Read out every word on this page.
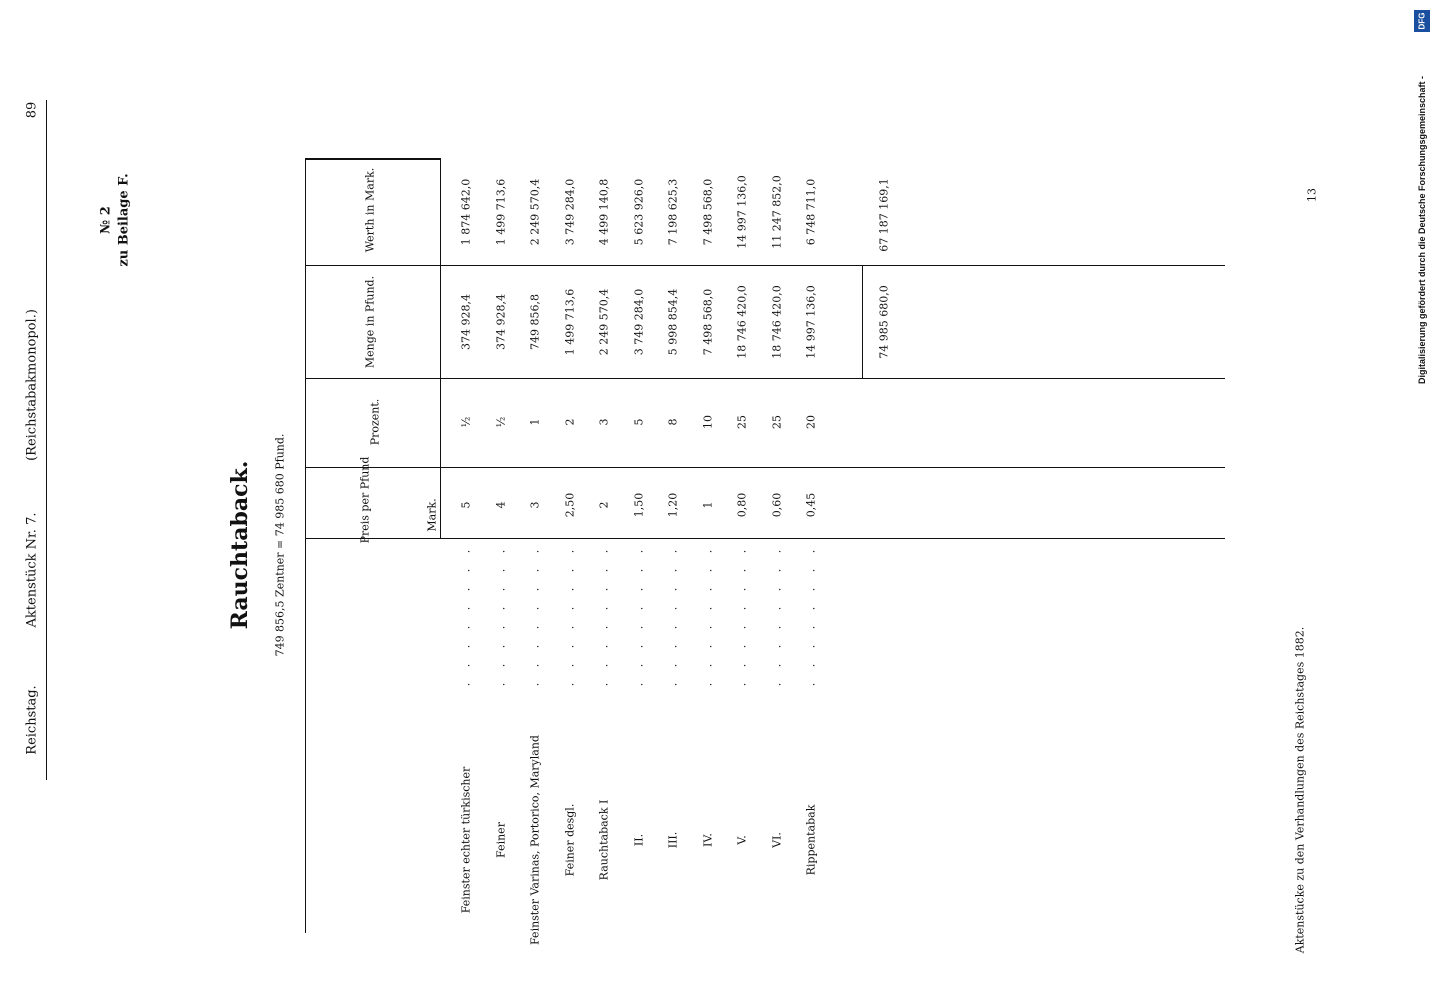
Reichstag.
Aktenstück Nr. 7.
(Reichstabakmonopol.)
89
№ 2 zu Beilage F.
Rauchtaback. 749 856,5 Zentner = 74 985 680 Pfund.
Werth in Mark.
Menge in Pfund.
Prozent.
Preis per Pfund	Mark.
Feinster echter türkischer
5
½
374 928,4
1 874 642,0
. . . . . . . .
Feiner
4
½
374 928,4
1 499 713,6
. . . . . . . .
Feinster Varinas, Portorico, Maryland
3
1
749 856,8
2 249 570,4
. . . . . . . .
Feiner desgl.
2,50
2
1 499 713,6
3 749 284,0
. . . . . . . .
Rauchtaback I
2
3
2 249 570,4
4 499 140,8
. . . . . . . .
II.
1,50
5
3 749 284,0
5 623 926,0
. . . . . . . .
III.
1,20
8
5 998 854,4
7 198 625,3
. . . . . . . .
IV.
1
10
7 498 568,0
7 498 568,0
. . . . . . . .
V.
0,80
25
18 746 420,0
14 997 136,0
. . . . . . . .
VI.
0,60
25
18 746 420,0
11 247 852,0
. . . . . . . .
Rippentabak
0,45
20
14 997 136,0
6 748 711,0
. . . . . . . .
74 985 680,0
67 187 169,1
Aktenstücke zu den Verhandlungen des Reichstages 1882.
13	Digitalisierung gefördert durch die Deutsche Forschungsgemeinschaft -
DFG
